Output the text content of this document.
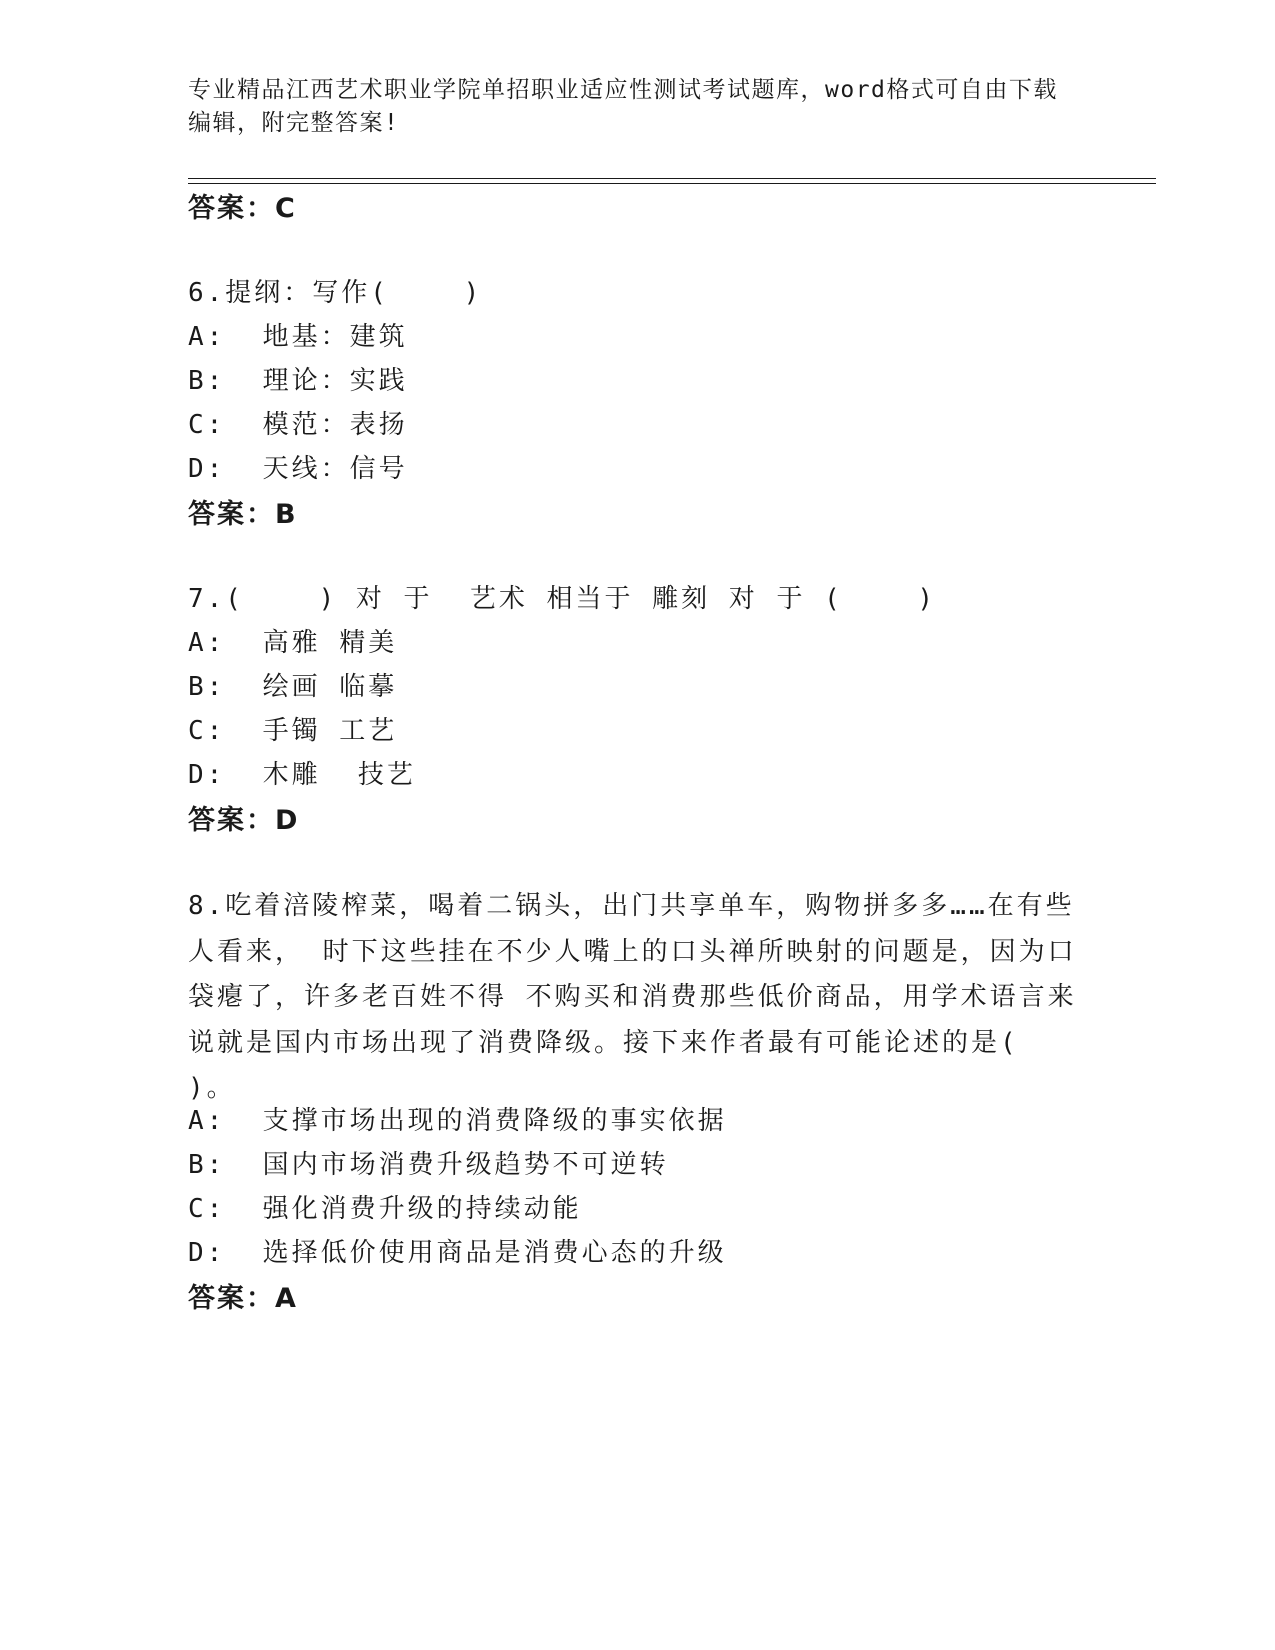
专业精品江西艺术职业学院单招职业适应性测试考试题库，word格式可自由下载
编辑，附完整答案!
答案：C
6.提纲：写作(    )
A:  地基：建筑
B:  理论：实践
C:  模范：表扬
D:  天线：信号
答案：B
7.(    ) 对 于  艺术 相当于 雕刻 对 于 (    )
A:  高雅 精美
B:  绘画 临摹
C:  手镯 工艺
D:  木雕  技艺
答案：D
8.吃着涪陵榨菜，喝着二锅头，出门共享单车，购物拼多多……在有些人看来， 时下这些挂在不少人嘴上的口头禅所映射的问题是，因为口袋瘪了，许多老百姓不得 不购买和消费那些低价商品，用学术语言来说就是国内市场出现了消费降级。接下来作者最有可能论述的是( )。
A:  支撑市场出现的消费降级的事实依据
B:  国内市场消费升级趋势不可逆转
C:  强化消费升级的持续动能
D:  选择低价使用商品是消费心态的升级
答案：A
